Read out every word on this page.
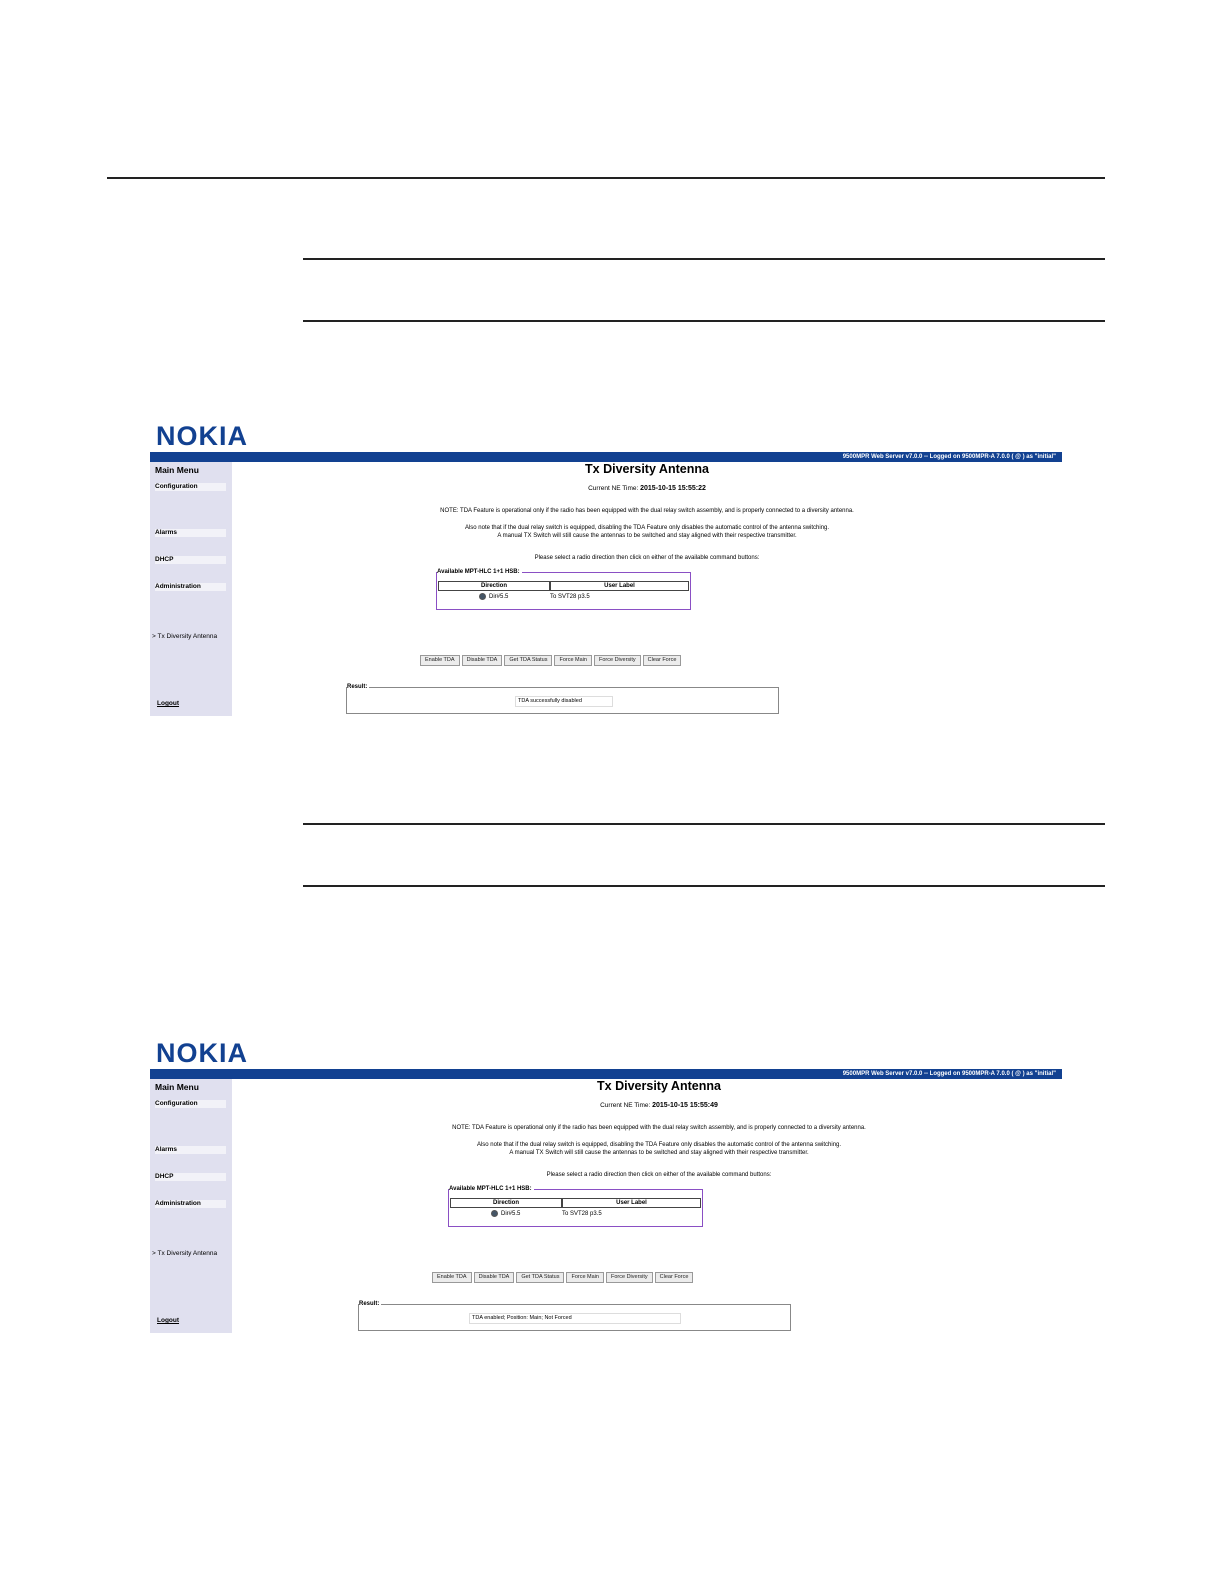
NOKIA
9500MPR Web Server v7.0.0 -- Logged on 9500MPR-A 7.0.0 ( @ ) as "initial"
Main Menu
Configuration
Alarms
DHCP
Administration
> Tx Diversity Antenna
Logout
Tx Diversity Antenna
Current NE Time: 2015-10-15 15:55:22
NOTE: TDA Feature is operational only if the radio has been equipped with the dual relay switch assembly, and is properly connected to a diversity antenna.
Also note that if the dual relay switch is equipped, disabling the TDA Feature only disables the automatic control of the antenna switching.
A manual TX Switch will still cause the antennas to be switched and stay aligned with their respective transmitter.
Please select a radio direction then click on either of the available command buttons:
Available MPT-HLC 1+1 HSB:
Direction	User Label
Dir#5.5	To SVT28 p3.5
Enable TDA Disable TDA Get TDA Status Force Main Force Diversity Clear Force
Result:
TDA successfully disabled
NOKIA
9500MPR Web Server v7.0.0 -- Logged on 9500MPR-A 7.0.0 ( @ ) as "initial"
Main Menu
Configuration
Alarms
DHCP
Administration
> Tx Diversity Antenna
Logout
Tx Diversity Antenna
Current NE Time: 2015-10-15 15:55:49
NOTE: TDA Feature is operational only if the radio has been equipped with the dual relay switch assembly, and is properly connected to a diversity antenna.
Also note that if the dual relay switch is equipped, disabling the TDA Feature only disables the automatic control of the antenna switching.
A manual TX Switch will still cause the antennas to be switched and stay aligned with their respective transmitter.
Please select a radio direction then click on either of the available command buttons:
Available MPT-HLC 1+1 HSB:
Direction	User Label
Dir#5.5	To SVT28 p3.5
Enable TDA Disable TDA Get TDA Status Force Main Force Diversity Clear Force
Result:
TDA enabled; Position: Main; Not Forced
